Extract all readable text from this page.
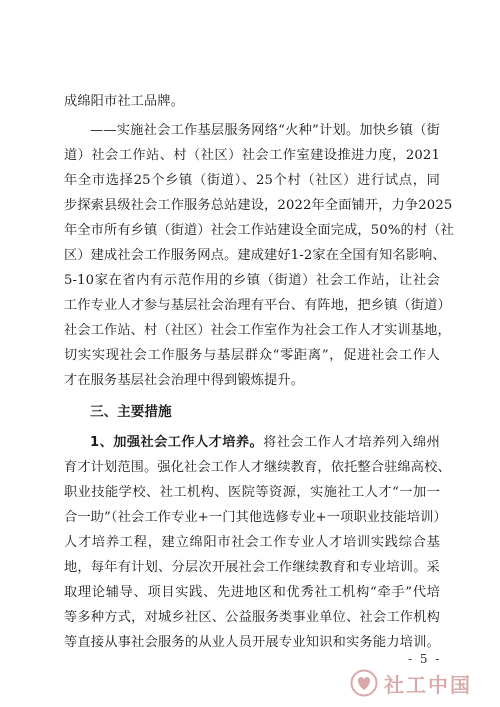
成绵阳市社工品牌。
——实施社会工作基层服务网络“火种”计划。加快乡镇（街
道）社会工作站、村（社区）社会工作室建设推进力度，2021
年全市选择25个乡镇（街道）、25个村（社区）进行试点，同
步探索县级社会工作服务总站建设，2022年全面铺开，力争2025
年全市所有乡镇（街道）社会工作站建设全面完成，50%的村（社
区）建成社会工作服务网点。建成建好1-2家在全国有知名影响、
5-10家在省内有示范作用的乡镇（街道）社会工作站，让社会
工作专业人才参与基层社会治理有平台、有阵地，把乡镇（街道）
社会工作站、村（社区）社会工作室作为社会工作人才实训基地，
切实实现社会工作服务与基层群众“零距离”，促进社会工作人
才在服务基层社会治理中得到锻炼提升。
三、主要措施
1、加强社会工作人才培养。将社会工作人才培养列入绵州
育才计划范围。强化社会工作人才继续教育，依托整合驻绵高校、
职业技能学校、社工机构、医院等资源，实施社工人才“一加一
合一助”（社会工作专业+一门其他选修专业+一项职业技能培训）
人才培养工程，建立绵阳市社会工作专业人才培训实践综合基
地，每年有计划、分层次开展社会工作继续教育和专业培训。采
取理论辅导、项目实践、先进地区和优秀社工机构“牵手”代培
等多种方式，对城乡社区、公益服务类事业单位、社会工作机构
等直接从事社会服务的从业人员开展专业知识和实务能力培训。
- 5 -
社工中国
